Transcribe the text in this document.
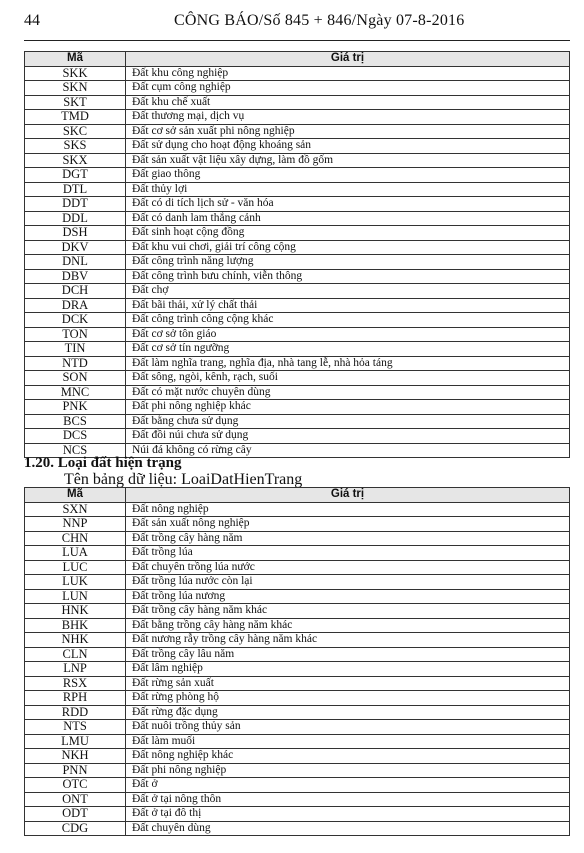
44	CÔNG BÁO/Số 845 + 846/Ngày 07-8-2016
Mã	Giá trị
SKK	Đất khu công nghiệp
SKN	Đất cụm công nghiệp
SKT	Đất khu chế xuất
TMD	Đất thương mại, dịch vụ
SKC	Đất cơ sở sản xuất phi nông nghiệp
SKS	Đất sử dụng cho hoạt động khoáng sản
SKX	Đất sản xuất vật liệu xây dựng, làm đồ gốm
DGT	Đất giao thông
DTL	Đất thủy lợi
DDT	Đất có di tích lịch sử - văn hóa
DDL	Đất có danh lam thắng cảnh
DSH	Đất sinh hoạt cộng đồng
DKV	Đất khu vui chơi, giải trí công cộng
DNL	Đất công trình năng lượng
DBV	Đất công trình bưu chính, viễn thông
DCH	Đất chợ
DRA	Đất bãi thải, xử lý chất thải
DCK	Đất công trình công cộng khác
TON	Đất cơ sở tôn giáo
TIN	Đất cơ sở tín ngưỡng
NTD	Đất làm nghĩa trang, nghĩa địa, nhà tang lễ, nhà hỏa táng
SON	Đất sông, ngòi, kênh, rạch, suối
MNC	Đất có mặt nước chuyên dùng
PNK	Đất phi nông nghiệp khác
BCS	Đất bằng chưa sử dụng
DCS	Đất đồi núi chưa sử dụng
NCS	Núi đá không có rừng cây
1.20. Loại đất hiện trạng
Tên bảng dữ liệu: LoaiDatHienTrang
Mã	Giá trị
SXN	Đất nông nghiệp
NNP	Đất sản xuất nông nghiệp
CHN	Đất trồng cây hàng năm
LUA	Đất trồng lúa
LUC	Đất chuyên trồng lúa nước
LUK	Đất trồng lúa nước còn lại
LUN	Đất trồng lúa nương
HNK	Đất trồng cây hàng năm khác
BHK	Đất bằng trồng cây hàng năm khác
NHK	Đất nương rẫy trồng cây hàng năm khác
CLN	Đất trồng cây lâu năm
LNP	Đất lâm nghiệp
RSX	Đất rừng sản xuất
RPH	Đất rừng phòng hộ
RDD	Đất rừng đặc dụng
NTS	Đất nuôi trồng thủy sản
LMU	Đất làm muối
NKH	Đất nông nghiệp khác
PNN	Đất phi nông nghiệp
OTC	Đất ở
ONT	Đất ở tại nông thôn
ODT	Đất ở tại đô thị
CDG	Đất chuyên dùng
